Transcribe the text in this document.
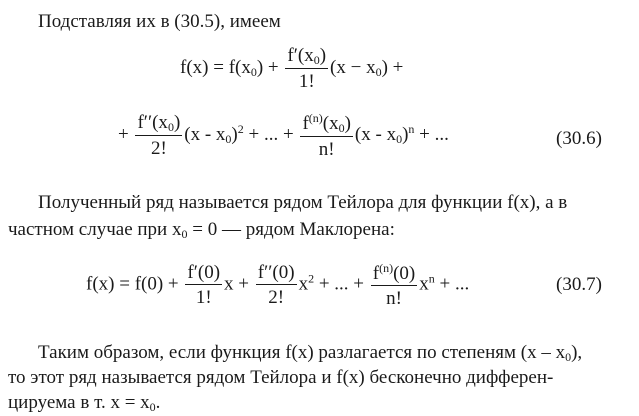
Подставляя их в (30.5), имеем
$f(x) = f(x_0) + \frac{f'(x_0)}{1!} (x - x_0)$ +
+ $\frac{f''(x_0)}{2!} (x - x_0)^2$ + ... + $\frac{f^{(n)}(x_0)}{n!} (x - x_0)^n$ + ...	(30.6)
Полученный ряд называется рядом Тейлора для функции f(x), а в
частном случае при $x_0 = 0$ — рядом Маклорена:
$f(x) = f(0) + \frac{f'(0)}{1!}$ $x + \frac{f''(0)}{2!} x^2$ + ... + $\frac{f^{(n)}(0)}{n!} x^n$ + ...	(30.7)
Таким образом, если функция f(x) разлагается по степеням $(x - x_0)$,
то этот ряд называется рядом Тейлора и f(x) бесконечно дифферен-
цируема в т. $x = x_0$.
